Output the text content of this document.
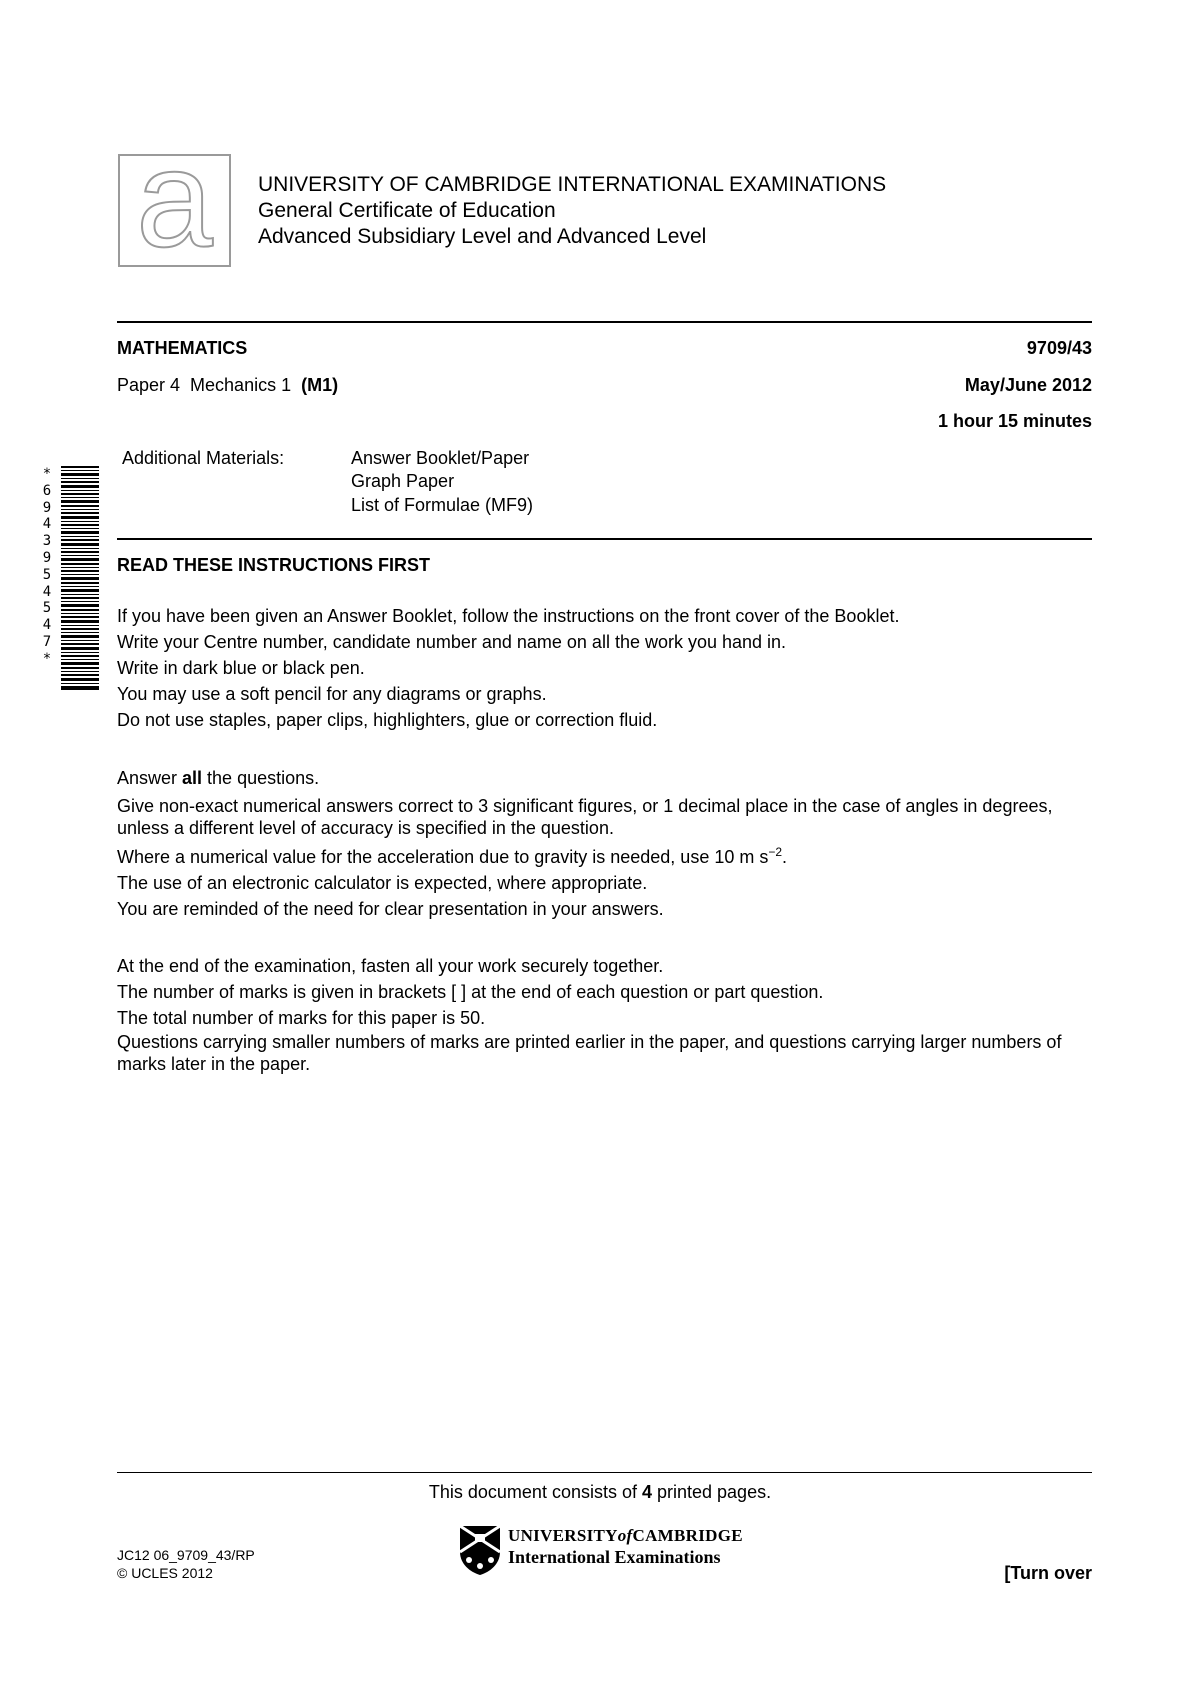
a	UNIVERSITY OF CAMBRIDGE INTERNATIONAL EXAMINATIONS
General Certificate of Education
Advanced Subsidiary Level and Advanced Level
MATHEMATICS	9709/43
Paper 4  Mechanics 1  (M1)	May/June 2012
1 hour 15 minutes
Additional Materials:	Answer Booklet/Paper
Graph Paper
List of Formulae (MF9)
*
6
9
4
3
9
5
4
5
4
7
*
READ THESE INSTRUCTIONS FIRST

If you have been given an Answer Booklet, follow the instructions on the front cover of the Booklet.

Write your Centre number, candidate number and name on all the work you hand in.

Write in dark blue or black pen.

You may use a soft pencil for any diagrams or graphs.

Do not use staples, paper clips, highlighters, glue or correction fluid.

Answer all the questions.

Give non-exact numerical answers correct to 3 significant figures, or 1 decimal place in the case of angles in degrees, unless a different level of accuracy is specified in the question.

Where a numerical value for the acceleration due to gravity is needed, use 10 m $s^{-2}$.

The use of an electronic calculator is expected, where appropriate.

You are reminded of the need for clear presentation in your answers.

At the end of the examination, fasten all your work securely together.

The number of marks is given in brackets [ ] at the end of each question or part question.

The total number of marks for this paper is 50.

Questions carrying smaller numbers of marks are printed earlier in the paper, and questions carrying larger numbers of marks later in the paper.

This document consists of 4 printed pages.
JC12 06_9709_43/RP
© UCLES 2012
UNIVERSITYofCAMBRIDGE
International Examinations
[Turn over
